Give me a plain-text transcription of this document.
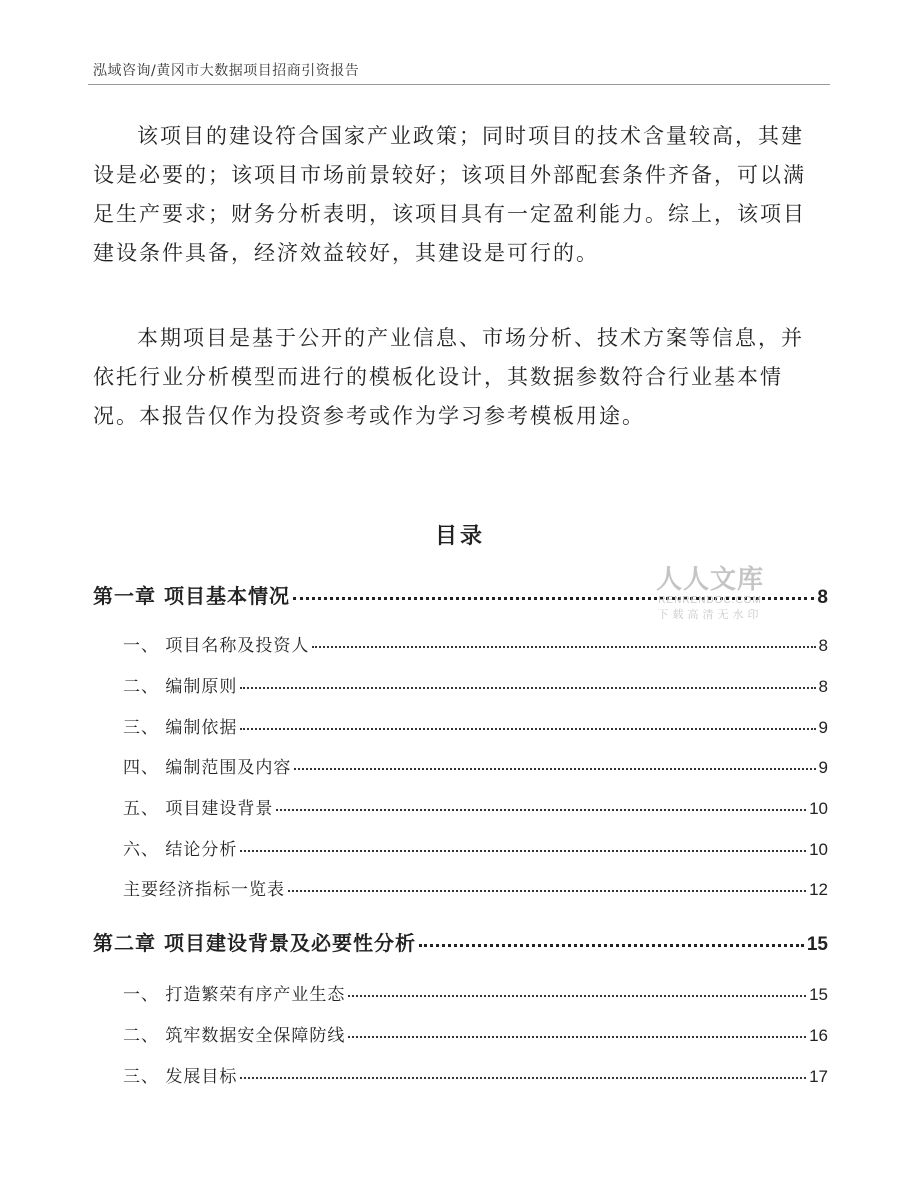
泓域咨询/黄冈市大数据项目招商引资报告

该项目的建设符合国家产业政策；同时项目的技术含量较高，其建设是必要的；该项目市场前景较好；该项目外部配套条件齐备，可以满足生产要求；财务分析表明，该项目具有一定盈利能力。综上，该项目建设条件具备，经济效益较好，其建设是可行的。

本期项目是基于公开的产业信息、市场分析、技术方案等信息，并依托行业分析模型而进行的模板化设计，其数据参数符合行业基本情况。本报告仅作为投资参考或作为学习参考模板用途。

目录
第一章 项目基本情况	8
一、 项目名称及投资人	8
二、 编制原则	8
三、 编制依据	9
四、 编制范围及内容	9
五、 项目建设背景	10
六、 结论分析	10
主要经济指标一览表	12
第二章 项目建设背景及必要性分析	15
一、 打造繁荣有序产业生态	15
二、 筑牢数据安全保障防线	16
三、 发展目标	17
人人文库
RENRENDOC.COM
下载高清无水印
